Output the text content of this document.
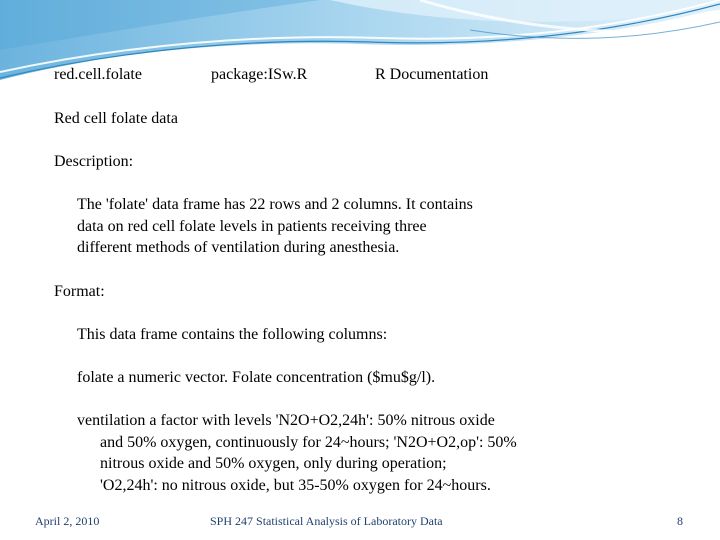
red.cell.folate	package:ISw.R	R Documentation
Red cell folate data
Description:
The 'folate' data frame has 22 rows and 2 columns. It contains
data on red cell folate levels in patients receiving three
different methods of ventilation during anesthesia.
Format:
This data frame contains the following columns:
folate a numeric vector. Folate concentration ($mu$g/l).
ventilation a factor with levels 'N2O+O2,24h': 50% nitrous oxide
and 50% oxygen, continuously for 24~hours; 'N2O+O2,op': 50%
nitrous oxide and 50% oxygen, only during operation;
'O2,24h': no nitrous oxide, but 35-50% oxygen for 24~hours.
April 2, 2010	SPH 247 Statistical Analysis of Laboratory Data	8
